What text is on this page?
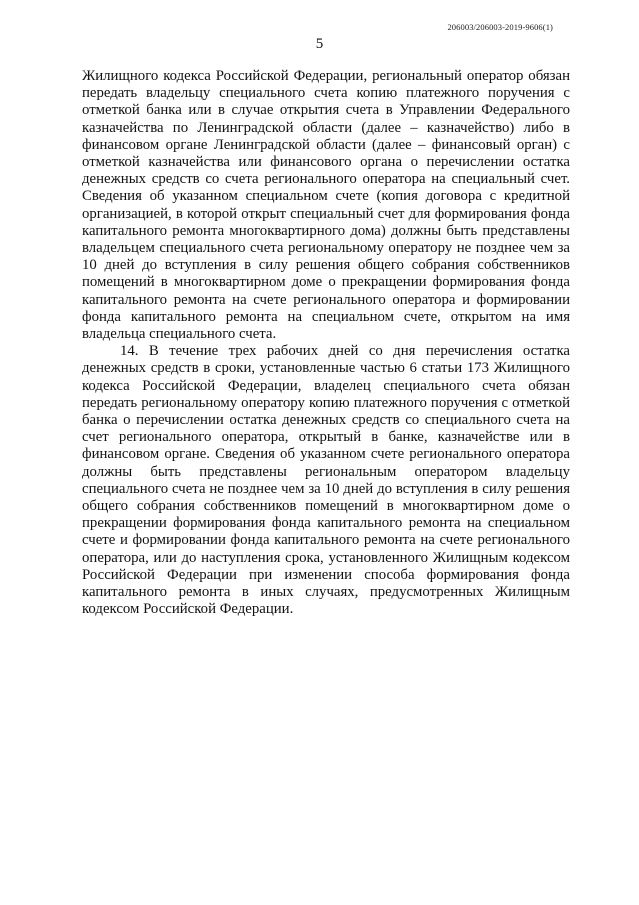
206003/206003-2019-9606(1)
5

Жилищного кодекса Российской Федерации, региональный оператор обязан передать владельцу специального счета копию платежного поручения с отметкой банка или в случае открытия счета в Управлении Федерального казначейства по Ленинградской области (далее – казначейство) либо в финансовом органе Ленинградской области (далее – финансовый орган) с отметкой казначейства или финансового органа о перечислении остатка денежных средств со счета регионального оператора на специальный счет. Сведения об указанном специальном счете (копия договора с кредитной организацией, в которой открыт специальный счет для формирования фонда капитального ремонта многоквартирного дома) должны быть представлены владельцем специального счета региональному оператору не позднее чем за 10 дней до вступления в силу решения общего собрания собственников помещений в многоквартирном доме о прекращении формирования фонда капитального ремонта на счете регионального оператора и формировании фонда капитального ремонта на специальном счете, открытом на имя владельца специального счета.

14. В течение трех рабочих дней со дня перечисления остатка денежных средств в сроки, установленные частью 6 статьи 173 Жилищного кодекса Российской Федерации, владелец специального счета обязан передать региональному оператору копию платежного поручения с отметкой банка о перечислении остатка денежных средств со специального счета на счет регионального оператора, открытый в банке, казначействе или в финансовом органе. Сведения об указанном счете регионального оператора должны быть представлены региональным оператором владельцу специального счета не позднее чем за 10 дней до вступления в силу решения общего собрания собственников помещений в многоквартирном доме о прекращении формирования фонда капитального ремонта на специальном счете и формировании фонда капитального ремонта на счете регионального оператора, или до наступления срока, установленного Жилищным кодексом Российской Федерации при изменении способа формирования фонда капитального ремонта в иных случаях, предусмотренных Жилищным кодексом Российской Федерации.
